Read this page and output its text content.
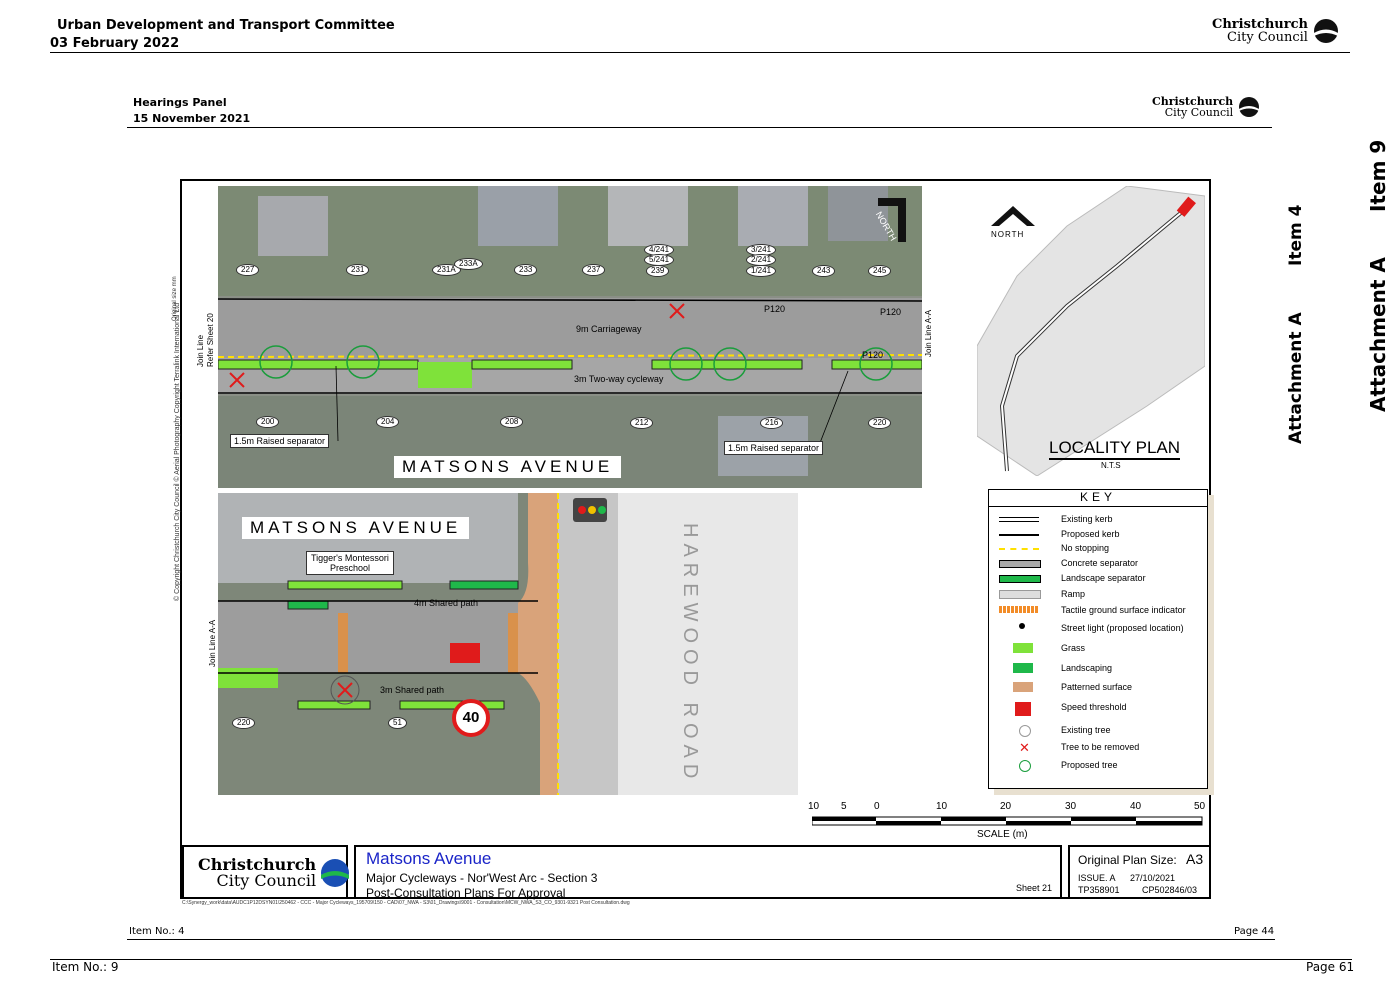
Urban Development and Transport Committee
03 February 2022
Christchurch
City Council
Hearings Panel
15 November 2021
Christchurch
City Council
Item 9
Attachment A
Item 4
Attachment A
© Copyright Christchurch City Council © Aerial Photography Copyright Terralink International Ltd
Original size mm
227	231	231A
233A
233	237
4/241
5/241
239
3/241
2/241
1/241	243	245
9m Carriageway
3m Two-way cycleway
P120	P120
P120
200	204	208	212	216	220
1.5m Raised separator
1.5m Raised separator
MATSONS AVENUE
NORTH
Join Line
Refer Sheet 20	Join Line A-A
MATSONS AVENUE
Tigger's Montessori
Preschool
4m Shared path
3m Shared path
40
220	51	HAREWOOD ROAD
Join Line A-A
NORTH
LOCALITY PLAN
N.T.S
KEY
Existing kerb
Proposed kerb
No stopping
Concrete separator
Landscape separator
Ramp
Tactile ground surface indicator
Street light (proposed location)
Grass
Landscaping
Patterned surface
Speed threshold
Existing tree
✕	Tree to be removed
Proposed tree
10 5	0	10	20	30	40	50
SCALE (m)
Christchurch
City Council
Matsons Avenue
Major Cycleways - Nor'West Arc - Section 3
Post-Consultation Plans For Approval	Sheet 21
Original Plan Size: A3
ISSUE. A 27/10/2021
TP358901 CP502846/03
C:\Synergy_work\data\AUDC1P12DSYN01\250462 - CCC - Major Cycleways_195709\150 - CAD\07_NWA - S3\01_Drawings\9001 - Consultation\MCW_NWA_S3_CO_9301-9321 Post Consultation.dwg
Item No.: 4	Page 44
Item No.: 9	Page 61
